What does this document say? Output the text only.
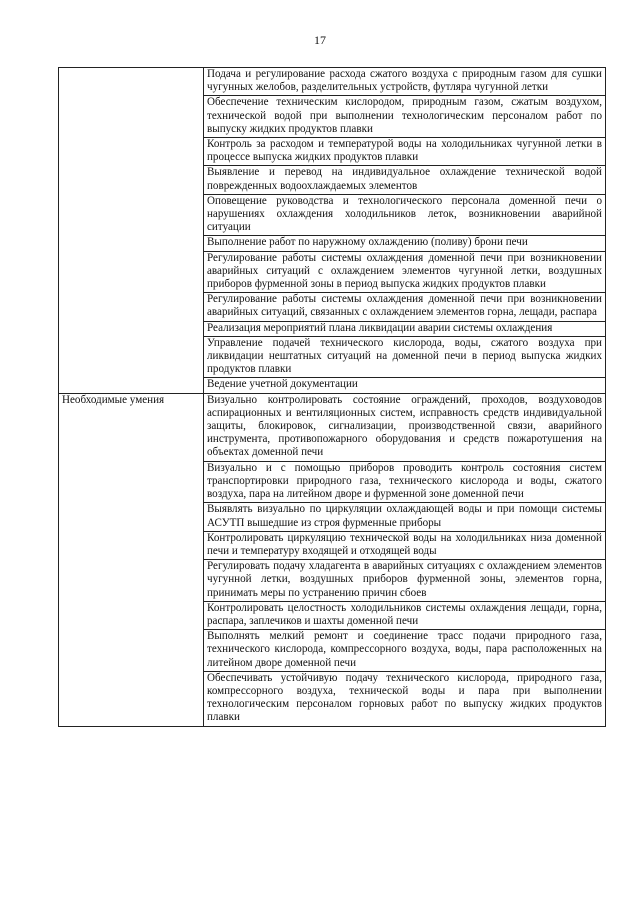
17
	Подача и регулирование расхода сжатого воздуха с природным газом для сушки чугунных желобов, разделительных устройств, футляра чугунной летки
	Обеспечение техническим кислородом, природным газом, сжатым воздухом, технической водой при выполнении технологическим персоналом работ по выпуску жидких продуктов плавки
	Контроль за расходом и температурой воды на холодильниках чугунной летки в процессе выпуска жидких продуктов плавки
	Выявление и перевод на индивидуальное охлаждение технической водой поврежденных водоохлаждаемых элементов
	Оповещение руководства и технологического персонала доменной печи о нарушениях охлаждения холодильников леток, возникновении аварийной ситуации
	Выполнение работ по наружному охлаждению (поливу) брони печи
	Регулирование работы системы охлаждения доменной печи при возникновении аварийных ситуаций с охлаждением элементов чугунной летки, воздушных приборов фурменной зоны в период выпуска жидких продуктов плавки
	Регулирование работы системы охлаждения доменной печи при возникновении аварийных ситуаций, связанных с охлаждением элементов горна, лещади, распара
	Реализация мероприятий плана ликвидации аварии системы охлаждения
	Управление подачей технического кислорода, воды, сжатого воздуха при ликвидации нештатных ситуаций на доменной печи в период выпуска жидких продуктов плавки
	Ведение учетной документации
Необходимые умения	Визуально контролировать состояние ограждений, проходов, воздуховодов аспирационных и вентиляционных систем, исправность средств индивидуальной защиты, блокировок, сигнализации, производственной связи, аварийного инструмента, противопожарного оборудования и средств пожаротушения на объектах доменной печи
	Визуально и с помощью приборов проводить контроль состояния систем транспортировки природного газа, технического кислорода и воды, сжатого воздуха, пара на литейном дворе и фурменной зоне доменной печи
	Выявлять визуально по циркуляции охлаждающей воды и при помощи системы АСУТП вышедшие из строя фурменные приборы
	Контролировать циркуляцию технической воды на холодильниках низа доменной печи и температуру входящей и отходящей воды
	Регулировать подачу хладагента в аварийных ситуациях с охлаждением элементов чугунной летки, воздушных приборов фурменной зоны, элементов горна, принимать меры по устранению причин сбоев
	Контролировать целостность холодильников системы охлаждения лещади, горна, распара, заплечиков и шахты доменной печи
	Выполнять мелкий ремонт и соединение трасс подачи природного газа, технического кислорода, компрессорного воздуха, воды, пара расположенных на литейном дворе доменной печи
	Обеспечивать устойчивую подачу технического кислорода, природного газа, компрессорного воздуха, технической воды и пара при выполнении технологическим персоналом горновых работ по выпуску жидких продуктов плавки
